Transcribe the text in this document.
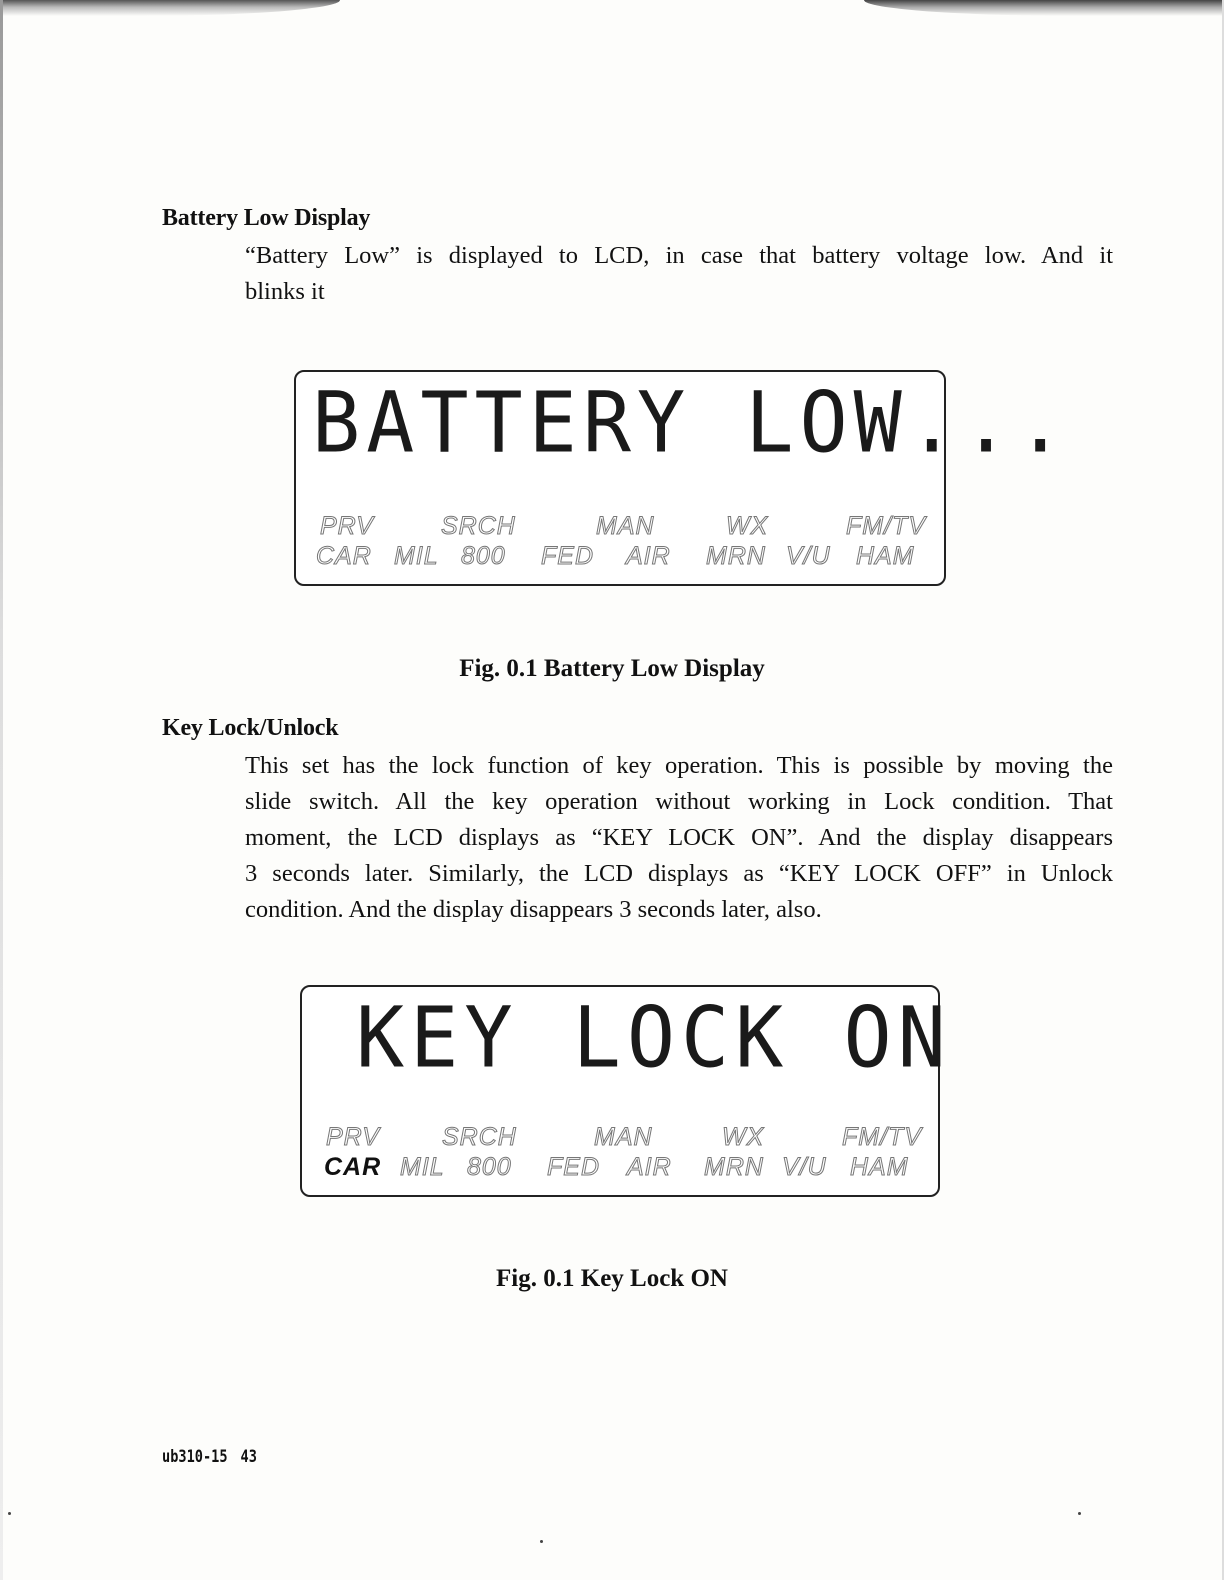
Battery Low Display
“Battery Low” is displayed to LCD, in case that battery voltage low. And it
blinks it
BATTERY LOW...
PRV	SRCH	MAN	WX	FM/TV
CAR MIL 800 FED AIR MRN V/U HAM
Fig. 0.1 Battery Low Display
Key Lock/Unlock
This set has the lock function of key operation. This is possible by moving the
slide switch. All the key operation without working in Lock condition. That
moment, the LCD displays as “KEY LOCK ON”. And the display disappears
3 seconds later. Similarly, the LCD displays as “KEY LOCK OFF” in Unlock
condition. And the display disappears 3 seconds later, also.
KEY LOCK ON
PRV SRCH	MAN	WX	FM/TV
CAR MIL 800 FED AIR MRN V/U HAM
Fig. 0.1 Key Lock ON
ub310-15 43
